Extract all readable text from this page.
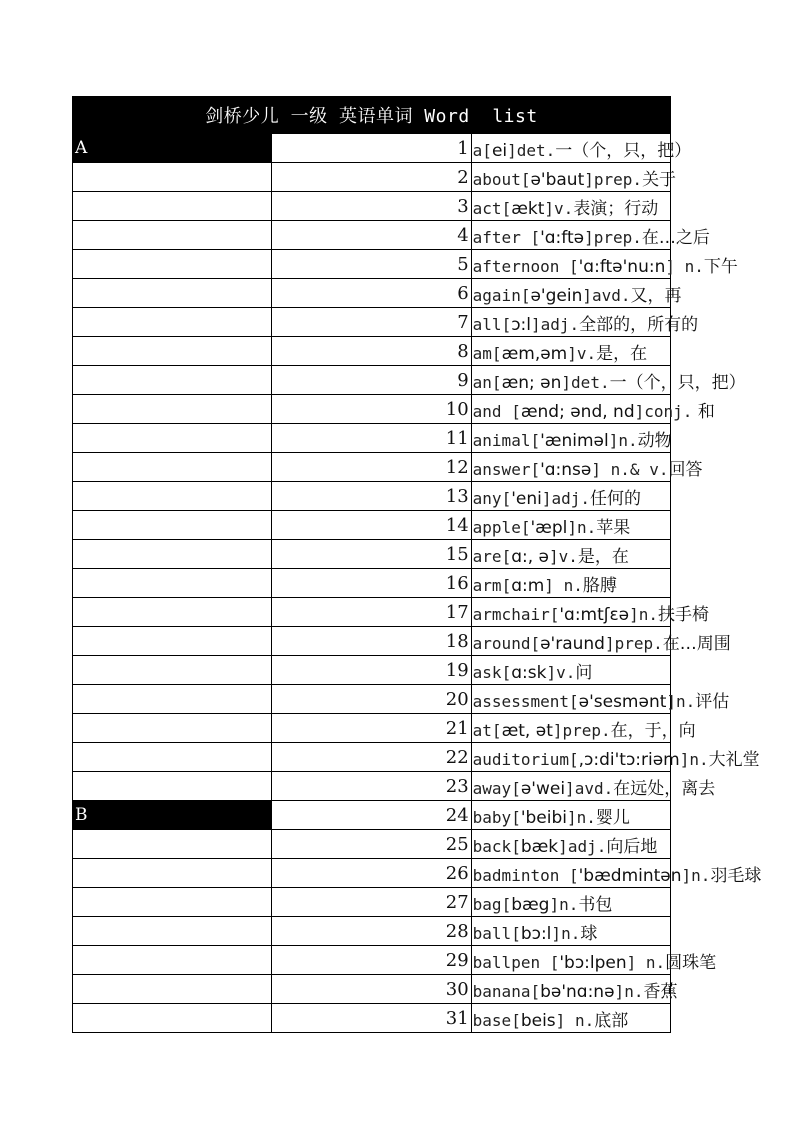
剑桥少儿 一级 英语单词 Word  list		
A	1	a[ei]det.一（个，只，把）
	2	about[ə'baut]prep.关于
	3	act[ækt]v.表演；行动
	4	after ['ɑ:ftə]prep.在…之后
	5	afternoon ['ɑ:ftə'nu:n] n.下午
	6	again[ə'gein]avd.又，再
	7	all[ɔ:l]adj.全部的，所有的
	8	am[æm,əm]v.是，在
	9	an[æn; ən]det.一（个，只，把）
	10	and [ænd; ənd, nd]conj. 和
	11	animal['ænimәl]n.动物
	12	answer['ɑ:nsə] n.& v.回答
	13	any['eni]adj.任何的
	14	apple['æpl]n.苹果
	15	are[ɑ:, ə]v.是，在
	16	arm[ɑ:m] n.胳膊
	17	armchair['ɑ:mtʃɛə]n.扶手椅
	18	around[ə'raund]prep.在…周围
	19	ask[ɑ:sk]v.问
	20	assessment[ə'sesmənt]n.评估
	21	at[æt, ət]prep.在，于，向
	22	auditorium[,ɔ:di'tɔ:riəm]n.大礼堂
	23	away[ə'wei]avd.在远处，离去
B	24	baby['beibi]n.婴儿
	25	back[bæk]adj.向后地
	26	badminton ['bædmintən]n.羽毛球
	27	bag[bæg]n.书包
	28	ball[bɔ:l]n.球
	29	ballpen ['bɔ:lpen] n.圆珠笔
	30	banana[bə'nɑ:nə]n.香蕉
	31	base[beis] n.底部
